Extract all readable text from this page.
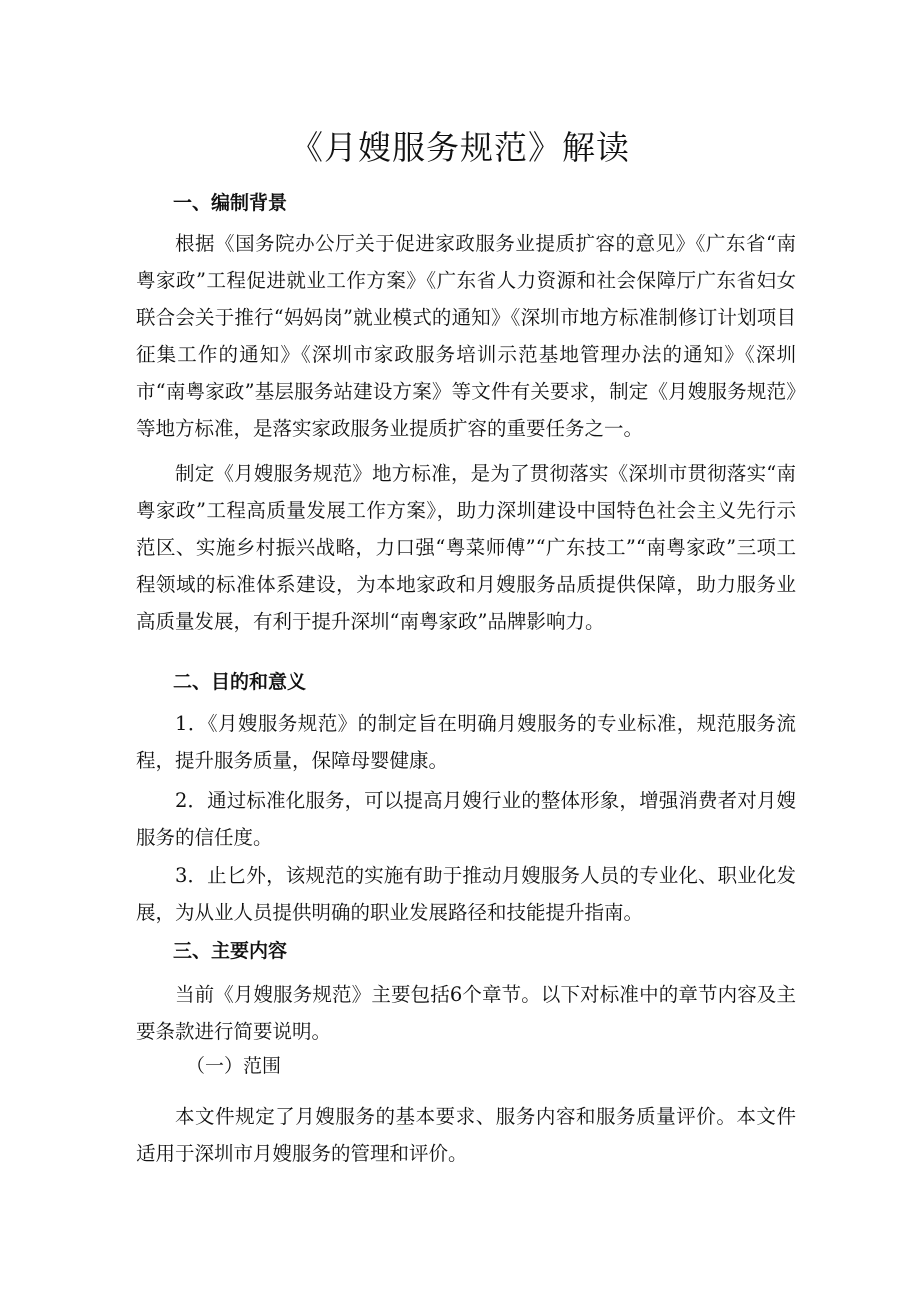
《月嫂服务规范》解读
一、编制背景

根据《国务院办公厅关于促进家政服务业提质扩容的意见》《广东省“南粤家政”工程促进就业工作方案》《广东省人力资源和社会保障厅广东省妇女联合会关于推行“妈妈岗”就业模式的通知》《深圳市地方标准制修订计划项目征集工作的通知》《深圳市家政服务培训示范基地管理办法的通知》《深圳市“南粤家政”基层服务站建设方案》等文件有关要求，制定《月嫂服务规范》等地方标准，是落实家政服务业提质扩容的重要任务之一。

制定《月嫂服务规范》地方标准，是为了贯彻落实《深圳市贯彻落实“南粤家政”工程高质量发展工作方案》，助力深圳建设中国特色社会主义先行示范区、实施乡村振兴战略，力口强“粤菜师傅”“广东技工”“南粤家政”三项工程领域的标准体系建设，为本地家政和月嫂服务品质提供保障，助力服务业高质量发展，有利于提升深圳“南粤家政”品牌影响力。

二、目的和意义

1．《月嫂服务规范》的制定旨在明确月嫂服务的专业标准，规范服务流程，提升服务质量，保障母婴健康。

2．通过标准化服务，可以提高月嫂行业的整体形象，增强消费者对月嫂服务的信任度。

3．止匕外，该规范的实施有助于推动月嫂服务人员的专业化、职业化发展，为从业人员提供明确的职业发展路径和技能提升指南。

三、主要内容

当前《月嫂服务规范》主要包括6个章节。以下对标准中的章节内容及主要条款进行简要说明。

（一）范围

本文件规定了月嫂服务的基本要求、服务内容和服务质量评价。本文件适用于深圳市月嫂服务的管理和评价。
